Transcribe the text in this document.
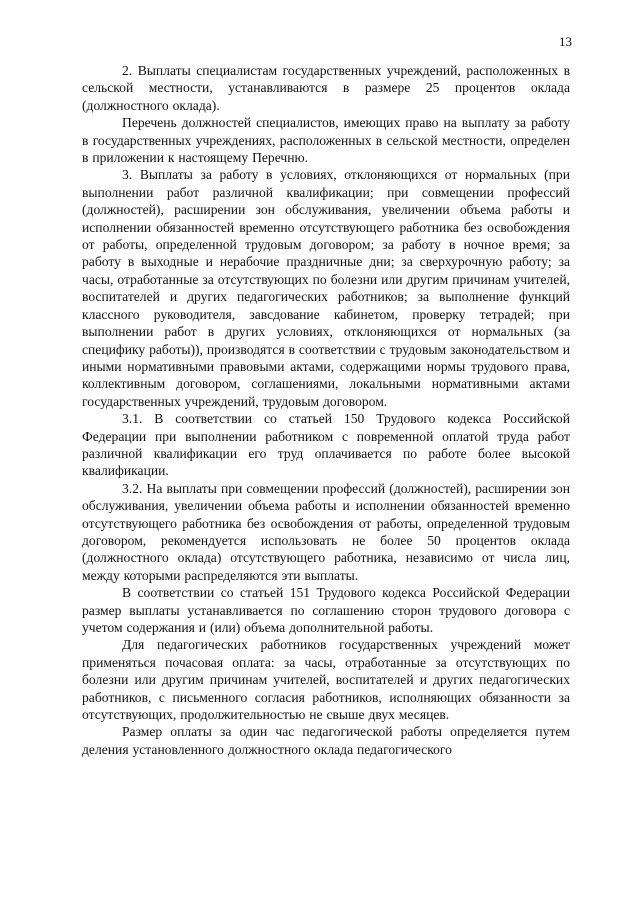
13

2. Выплаты специалистам государственных учреждений, расположенных в сельской местности, устанавливаются в размере 25 процентов оклада (должностного оклада).

Перечень должностей специалистов, имеющих право на выплату за работу в государственных учреждениях, расположенных в сельской местности, определен в приложении к настоящему Перечню.

3. Выплаты за работу в условиях, отклоняющихся от нормальных (при выполнении работ различной квалификации; при совмещении профессий (должностей), расширении зон обслуживания, увеличении объема работы и исполнении обязанностей временно отсутствующего работника без освобождения от работы, определенной трудовым договором; за работу в ночное время; за работу в выходные и нерабочие праздничные дни; за сверхурочную работу; за часы, отработанные за отсутствующих по болезни или другим причинам учителей, воспитателей и других педагогических работников; за выполнение функций классного руководителя, завсдование кабинетом, проверку тетрадей; при выполнении работ в других условиях, отклоняющихся от нормальных (за специфику работы)), производятся в соответствии с трудовым законодательством и иными нормативными правовыми актами, содержащими нормы трудового права, коллективным договором, соглашениями, локальными нормативными актами государственных учреждений, трудовым договором.

3.1. В соответствии со статьей 150 Трудового кодекса Российской Федерации при выполнении работником с повременной оплатой труда работ различной квалификации его труд оплачивается по работе более высокой квалификации.

3.2. На выплаты при совмещении профессий (должностей), расширении зон обслуживания, увеличении объема работы и исполнении обязанностей временно отсутствующего работника без освобождения от работы, определенной трудовым договором, рекомендуется использовать не более 50 процентов оклада (должностного оклада) отсутствующего работника, независимо от числа лиц, между которыми распределяются эти выплаты.

В соответствии со статьей 151 Трудового кодекса Российской Федерации размер выплаты устанавливается по соглашению сторон трудового договора с учетом содержания и (или) объема дополнительной работы.

Для педагогических работников государственных учреждений может применяться почасовая оплата: за часы, отработанные за отсутствующих по болезни или другим причинам учителей, воспитателей и других педагогических работников, с письменного согласия работников, исполняющих обязанности за отсутствующих, продолжительностью не свыше двух месяцев.

Размер оплаты за один час педагогической работы определяется путем деления установленного должностного оклада педагогического
